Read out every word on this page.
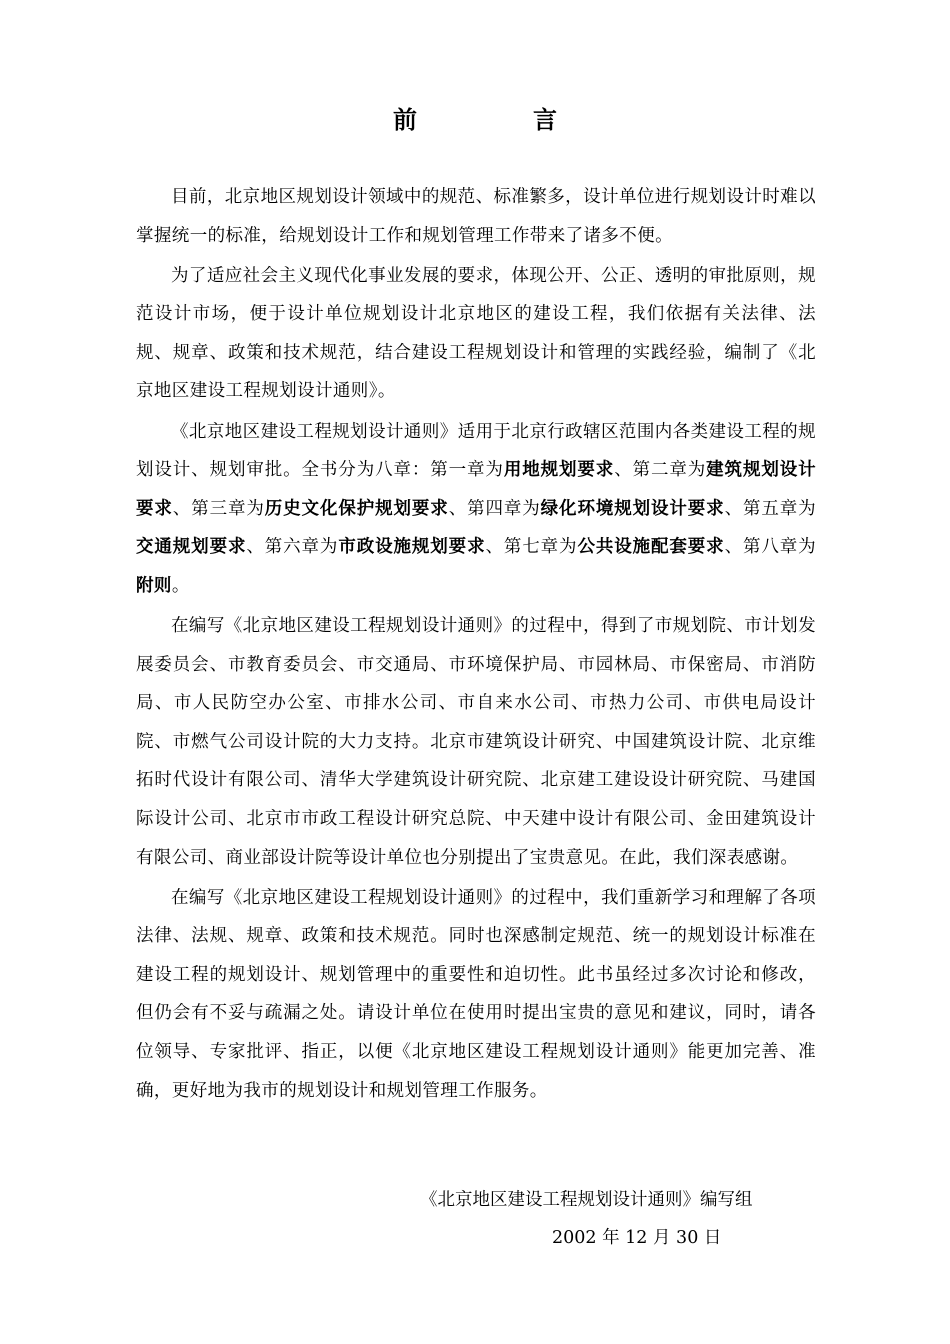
前　言

目前，北京地区规划设计领域中的规范、标准繁多，设计单位进行规划设计时难以掌握统一的标准，给规划设计工作和规划管理工作带来了诸多不便。

为了适应社会主义现代化事业发展的要求，体现公开、公正、透明的审批原则，规范设计市场，便于设计单位规划设计北京地区的建设工程，我们依据有关法律、法规、规章、政策和技术规范，结合建设工程规划设计和管理的实践经验，编制了《北京地区建设工程规划设计通则》。

《北京地区建设工程规划设计通则》适用于北京行政辖区范围内各类建设工程的规划设计、规划审批。全书分为八章：第一章为用地规划要求、第二章为建筑规划设计要求、第三章为历史文化保护规划要求、第四章为绿化环境规划设计要求、第五章为交通规划要求、第六章为市政设施规划要求、第七章为公共设施配套要求、第八章为附则。

在编写《北京地区建设工程规划设计通则》的过程中，得到了市规划院、市计划发展委员会、市教育委员会、市交通局、市环境保护局、市园林局、市保密局、市消防局、市人民防空办公室、市排水公司、市自来水公司、市热力公司、市供电局设计院、市燃气公司设计院的大力支持。北京市建筑设计研究、中国建筑设计院、北京维拓时代设计有限公司、清华大学建筑设计研究院、北京建工建设设计研究院、马建国际设计公司、北京市市政工程设计研究总院、中天建中设计有限公司、金田建筑设计有限公司、商业部设计院等设计单位也分别提出了宝贵意见。在此，我们深表感谢。

在编写《北京地区建设工程规划设计通则》的过程中，我们重新学习和理解了各项法律、法规、规章、政策和技术规范。同时也深感制定规范、统一的规划设计标准在建设工程的规划设计、规划管理中的重要性和迫切性。此书虽经过多次讨论和修改，但仍会有不妥与疏漏之处。请设计单位在使用时提出宝贵的意见和建议，同时，请各位领导、专家批评、指正，以便《北京地区建设工程规划设计通则》能更加完善、准确，更好地为我市的规划设计和规划管理工作服务。

《北京地区建设工程规划设计通则》编写组

2002 年 12 月 30 日
